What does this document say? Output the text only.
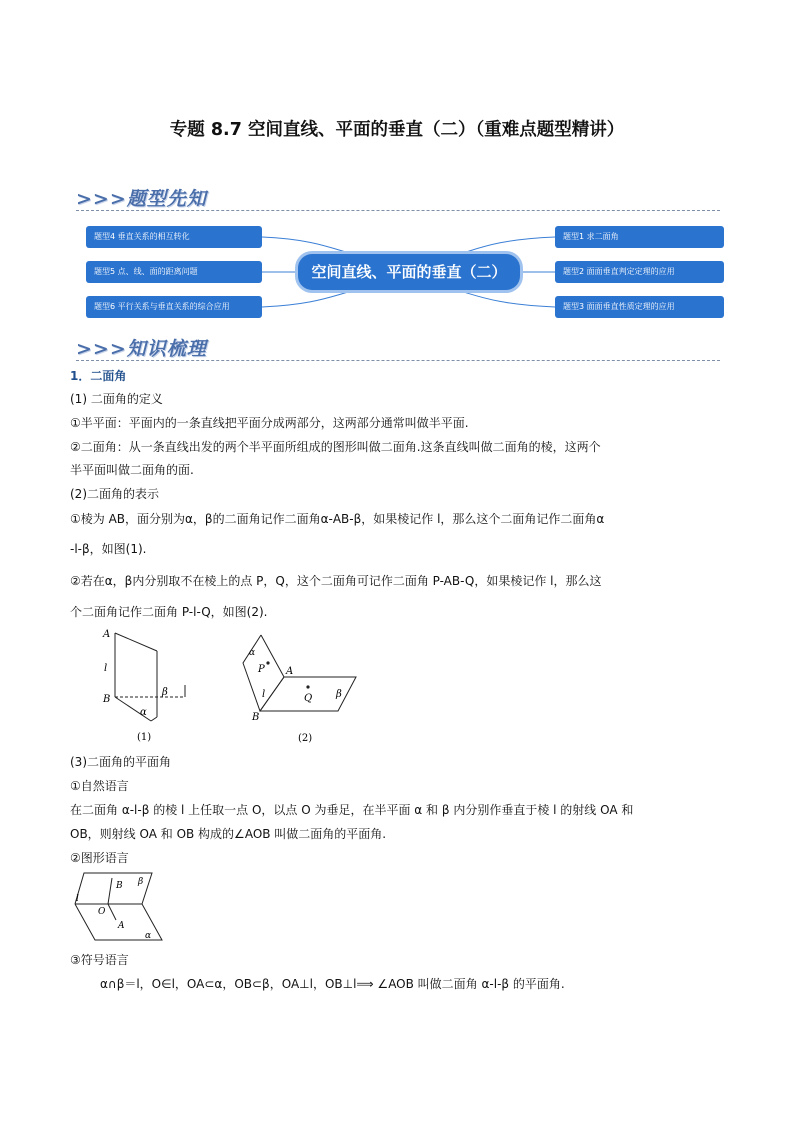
专题 8.7 空间直线、平面的垂直（二）（重难点题型精讲）
>>>题型先知
题型4 垂直关系的相互转化
题型5 点、线、面的距离问题
题型6 平行关系与垂直关系的综合应用
空间直线、平面的垂直（二）
题型1 求二面角
题型2 面面垂直判定定理的应用
题型3 面面垂直性质定理的应用
>>>知识梳理
1．二面角
(1) 二面角的定义
①半平面：平面内的一条直线把平面分成两部分，这两部分通常叫做半平面.
②二面角：从一条直线出发的两个半平面所组成的图形叫做二面角.这条直线叫做二面角的棱，这两个
半平面叫做二面角的面.
(2)二面角的表示
①棱为 AB，面分别为α，β的二面角记作二面角α-AB-β，如果棱记作 l，那么这个二面角记作二面角α
-l-β，如图(1).
②若在α，β内分别取不在棱上的点 P，Q，这个二面角可记作二面角 P-AB-Q，如果棱记作 l，那么这
个二面角记作二面角 P-l-Q，如图(2).
A
l
B
β
α
(1)
α
P A
l	Q β
B
(2)
(3)二面角的平面角
①自然语言
在二面角 α-l-β 的棱 l 上任取一点 O，以点 O 为垂足，在半平面 α 和 β 内分别作垂直于棱 l 的射线 OA 和
OB，则射线 OA 和 OB 构成的∠AOB 叫做二面角的平面角.
②图形语言
B β
l
O
A
α
③符号语言
α∩β＝l，O∈l，OA⊂α，OB⊂β，OA⊥l，OB⊥l⟹ ∠AOB 叫做二面角 α-l-β 的平面角.
